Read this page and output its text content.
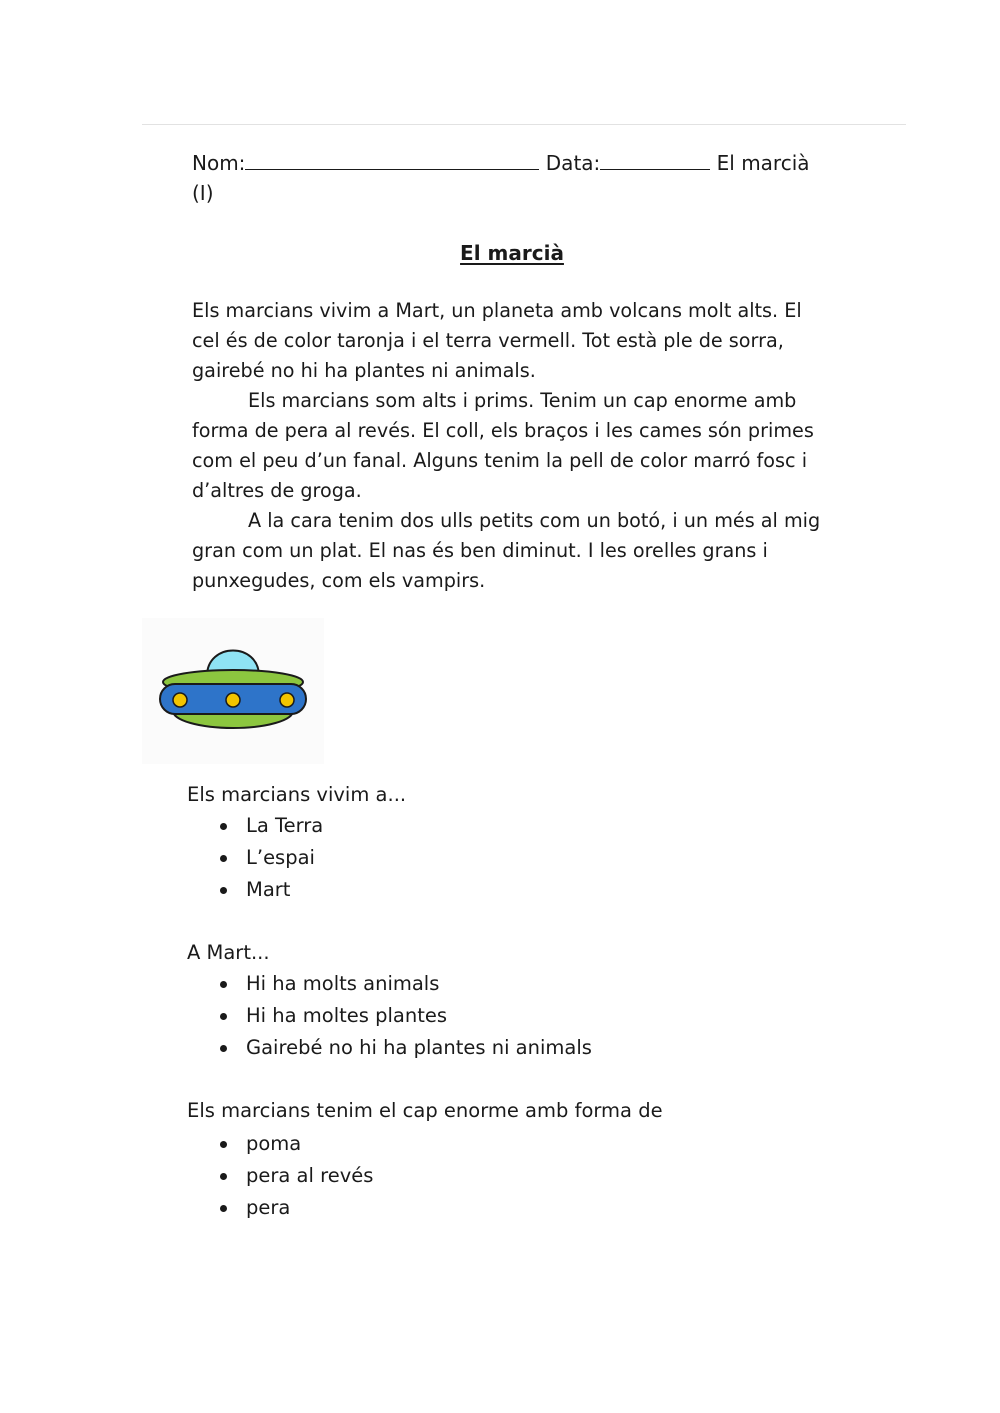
Nom:	Data:	El marcià
(I)
El marcià

Els marcians vivim a Mart, un planeta amb volcans molt alts. El

cel és de color taronja i el terra vermell. Tot està ple de sorra,

gairebé no hi ha plantes ni animals.

Els marcians som alts i prims. Tenim un cap enorme amb

forma de pera al revés. El coll, els braços i les cames són primes

com el peu d’un fanal. Alguns tenim la pell de color marró fosc i

d’altres de groga.

A la cara tenim dos ulls petits com un botó, i un més al mig

gran com un plat. El nas és ben diminut. I les orelles grans i

punxegudes, com els vampirs.

Els marcians vivim a...
La Terra
L’espai
Mart
A Mart...
Hi ha molts animals
Hi ha moltes plantes
Gairebé no hi ha plantes ni animals
Els marcians tenim el cap enorme amb forma de
poma
pera al revés
pera
